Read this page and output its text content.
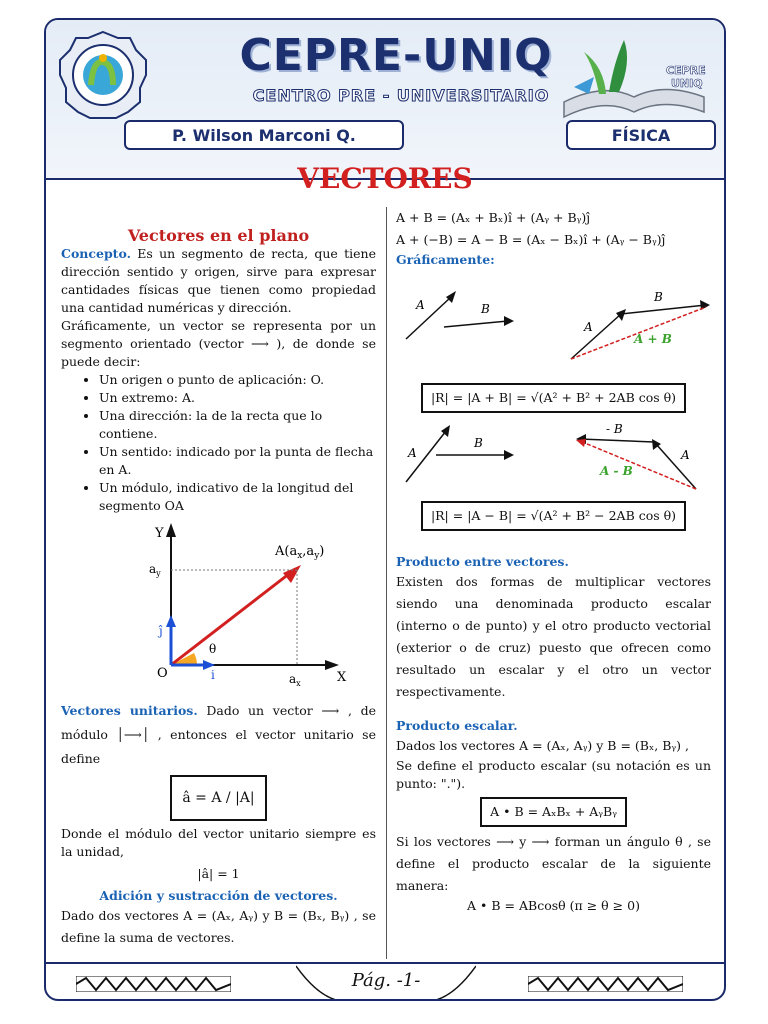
CEPRE-UNIQ
CENTRO PRE - UNIVERSITARIO
CEPRE
UNIQ
P. Wilson Marconi Q.	FÍSICA
VECTORES
Vectores en el plano

Concepto. Es un segmento de recta, que tiene dirección sentido y origen, sirve para expresar cantidades físicas que tienen como propiedad una cantidad numéricas y dirección.

Gráficamente, un vector se representa por un segmento orientado (vector ⟶ ), de donde se puede decir:

• Un origen o punto de aplicación: O.
• Un extremo: A.
• Una dirección: la de la recta que lo contiene.
• Un sentido: indicado por la punta de flecha en A.
• Un módulo, indicativo de la longitud del segmento OA
Y
X
O
$A(a_x,a_y)$
$a_y$
$a_x$
ĵ
i
θ

Vectores unitarios. Dado un vector ⟶ , de módulo │⟶│ , entonces el vector unitario se define

â = A / |A|

Donde el módulo del vector unitario siempre es la unidad,

|â| = 1
Adición y sustracción de vectores.

Dado dos vectores A = (Aₓ, Aᵧ) y B = (Bₓ, Bᵧ) , se define la suma de vectores.

A + B = (Aₓ + Bₓ)î + (Aᵧ + Bᵧ)ĵ
A + (−B) = A − B = (Aₓ − Bₓ)î + (Aᵧ − Bᵧ)ĵ
Gráficamente:
A	B
A
B
A + B
|R| = |A + B| = √(A² + B² + 2AB cos θ)
A
B
- B
A
A - B
|R| = |A − B| = √(A² + B² − 2AB cos θ)
Producto entre vectores.

Existen dos formas de multiplicar vectores siendo una denominada producto escalar (interno o de punto) y el otro producto vectorial (exterior o de cruz) puesto que ofrecen como resultado un escalar y el otro un vector respectivamente.

Producto escalar.

Dados los vectores A = (Aₓ, Aᵧ) y B = (Bₓ, Bᵧ) ,

Se define el producto escalar (su notación es un punto: ".").

A • B = AₓBₓ + AᵧBᵧ

Si los vectores ⟶ y ⟶ forman un ángulo θ , se define el producto escalar de la siguiente manera:

A • B = ABcosθ (π ≥ θ ≥ 0)
Pág. -1-
